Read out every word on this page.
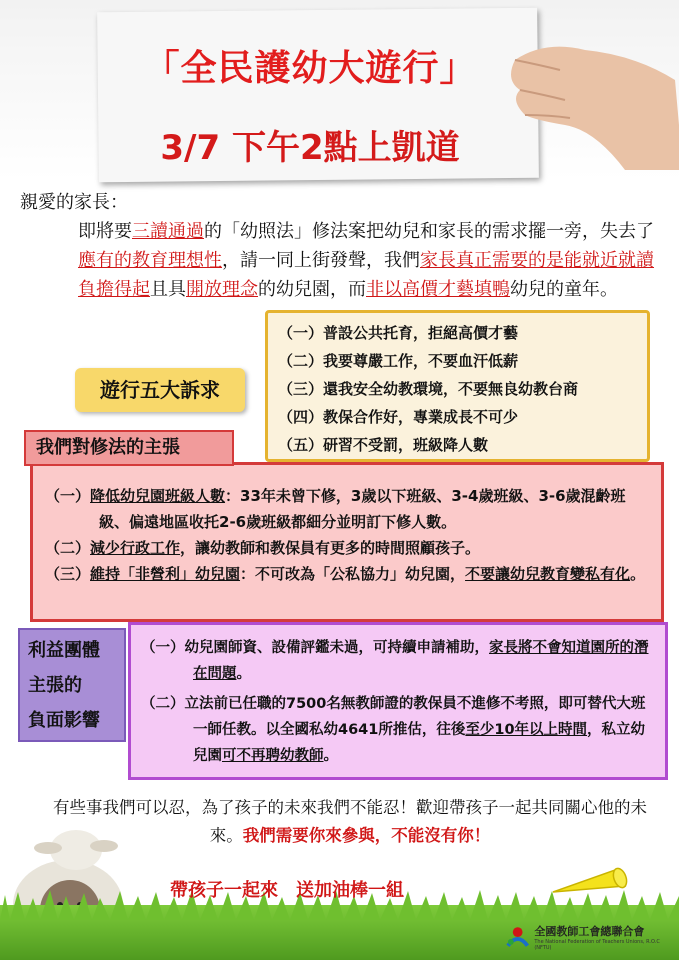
「全民護幼大遊行」
3/7 下午2點上凱道

親愛的家長：

即將要三讀通過的「幼照法」修法案把幼兒和家長的需求擺一旁，失去了應有的教育理想性，請一同上街發聲，我們家長真正需要的是能就近就讀負擔得起且具開放理念的幼兒園，而非以高價才藝填鴨幼兒的童年。

（一）普設公共托育，拒絕高價才藝
（二）我要尊嚴工作，不要血汗低薪
（三）還我安全幼教環境，不要無良幼教台商
（四）教保合作好，專業成長不可少
（五）研習不受罰，班級降人數
遊行五大訴求
（一）降低幼兒園班級人數：33年未曾下修，3歲以下班級、3-4歲班級、3-6歲混齡班級、偏遠地區收托2-6歲班級都細分並明訂下修人數。
（二）減少行政工作，讓幼教師和教保員有更多的時間照顧孩子。
（三）維持「非營利」幼兒園：不可改為「公私協力」幼兒園，不要讓幼兒教育變私有化。
我們對修法的主張
（一）幼兒園師資、設備評鑑未過，可持續申請補助，家長將不會知道園所的潛在問題。
（二）立法前已任職的7500名無教師證的教保員不進修不考照，即可替代大班一師任教。以全國私幼4641所推估，往後至少10年以上時間，私立幼兒園可不再聘幼教師。
利益團體
主張的
負面影響
有些事我們可以忍，為了孩子的未來我們不能忍！歡迎帶孩子一起共同關心他的未來。我們需要你來參與，不能沒有你！
帶孩子一起來　送加油棒一組
全國教師工會總聯合會
The National Federation of Teachers Unions, R.O.C (NFTU)
